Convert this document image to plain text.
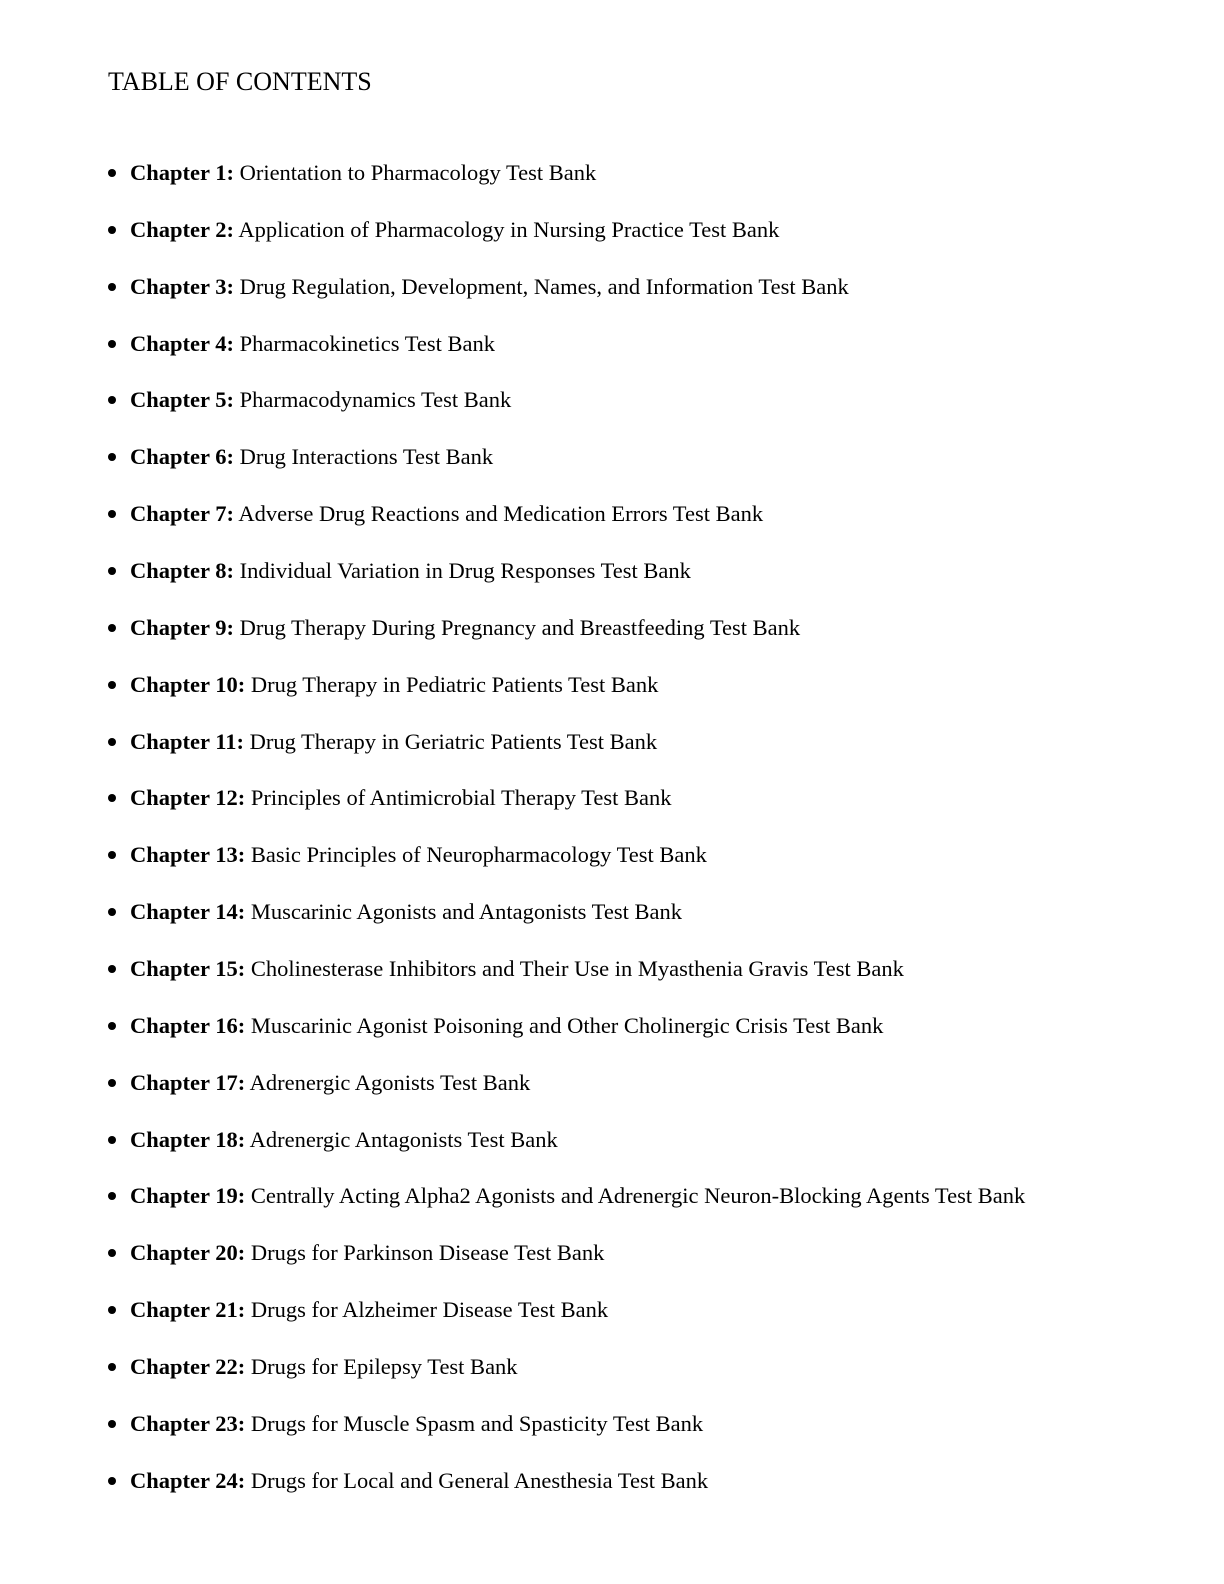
TABLE OF CONTENTS
Chapter 1: Orientation to Pharmacology Test Bank
Chapter 2: Application of Pharmacology in Nursing Practice Test Bank
Chapter 3: Drug Regulation, Development, Names, and Information Test Bank
Chapter 4: Pharmacokinetics Test Bank
Chapter 5: Pharmacodynamics Test Bank
Chapter 6: Drug Interactions Test Bank
Chapter 7: Adverse Drug Reactions and Medication Errors Test Bank
Chapter 8: Individual Variation in Drug Responses Test Bank
Chapter 9: Drug Therapy During Pregnancy and Breastfeeding Test Bank
Chapter 10: Drug Therapy in Pediatric Patients Test Bank
Chapter 11: Drug Therapy in Geriatric Patients Test Bank
Chapter 12: Principles of Antimicrobial Therapy Test Bank
Chapter 13: Basic Principles of Neuropharmacology Test Bank
Chapter 14: Muscarinic Agonists and Antagonists Test Bank
Chapter 15: Cholinesterase Inhibitors and Their Use in Myasthenia Gravis Test Bank
Chapter 16: Muscarinic Agonist Poisoning and Other Cholinergic Crisis Test Bank
Chapter 17: Adrenergic Agonists Test Bank
Chapter 18: Adrenergic Antagonists Test Bank
Chapter 19: Centrally Acting Alpha2 Agonists and Adrenergic Neuron-Blocking Agents Test Bank
Chapter 20: Drugs for Parkinson Disease Test Bank
Chapter 21: Drugs for Alzheimer Disease Test Bank
Chapter 22: Drugs for Epilepsy Test Bank
Chapter 23: Drugs for Muscle Spasm and Spasticity Test Bank
Chapter 24: Drugs for Local and General Anesthesia Test Bank
